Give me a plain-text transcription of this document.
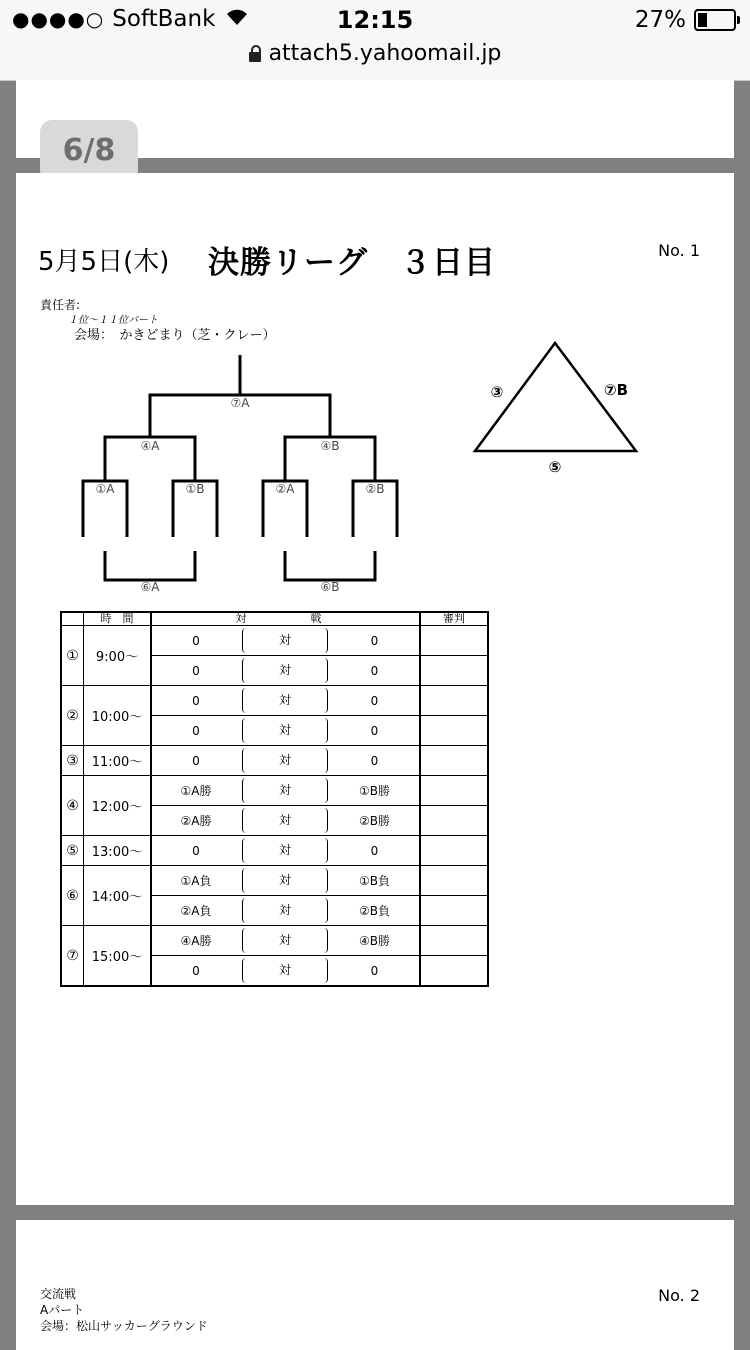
●●●●○ SoftBank	12:15	27%
attach5.yahoomail.jp
6/8
5月5日(木) 決勝リーグ　３日目	No. 1
責任者:
１位～１１位パート
会場：　かきどまり（芝・クレー）
⑦A
④A	④B
①A	①B	②A	②B
⑥A	⑥B
③	⑦B
⑤
	時　間	対　　戦			審判
①	9:00～	0	対	0	
		0	対	0	
②	10:00～	0	対	0	
		0	対	0	
③	11:00～	0	対	0	
④	12:00～	①A勝	対	①B勝	
		②A勝	対	②B勝	
⑤	13:00～	0	対	0	
⑥	14:00～	①A負	対	①B負	
		②A負	対	②B負	
⑦	15:00～	④A勝	対	④B勝	
		0	対	0	
交流戦
Aパート
会場：松山サッカーグラウンド
No. 2
